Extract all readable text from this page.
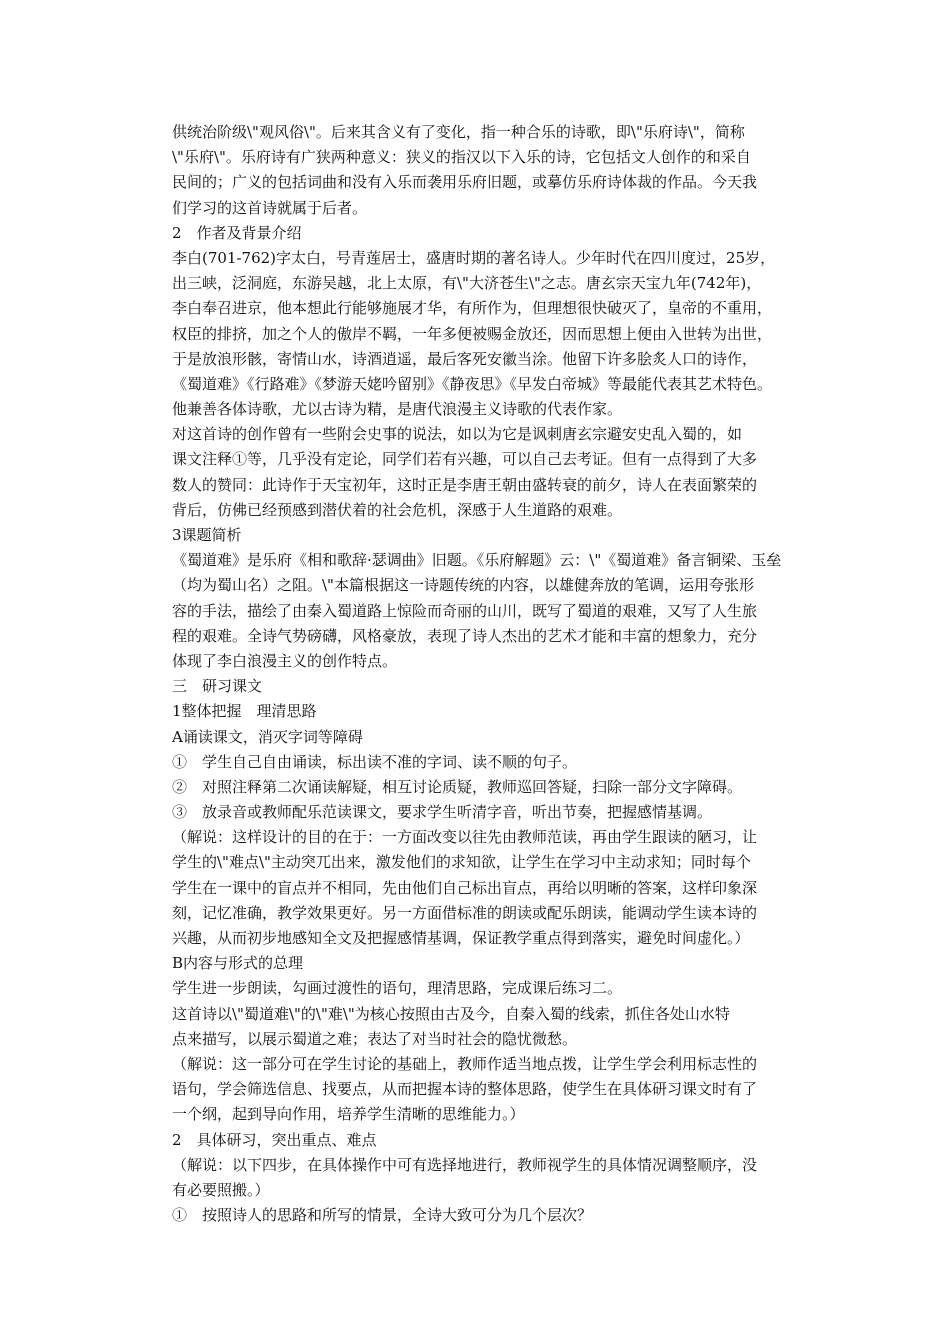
供统治阶级\"观风俗\"。后来其含义有了变化，指一种合乐的诗歌，即\"乐府诗\"，简称
\"乐府\"。乐府诗有广狭两种意义：狭义的指汉以下入乐的诗，它包括文人创作的和采自
民间的；广义的包括词曲和没有入乐而袭用乐府旧题，或摹仿乐府诗体裁的作品。今天我
们学习的这首诗就属于后者。
2　作者及背景介绍
李白(701-762)字太白，号青莲居士，盛唐时期的著名诗人。少年时代在四川度过，25岁，
出三峡，泛洞庭，东游吴越，北上太原，有\"大济苍生\"之志。唐玄宗天宝九年(742年)，
李白奉召进京，他本想此行能够施展才华，有所作为，但理想很快破灭了，皇帝的不重用，
权臣的排挤，加之个人的傲岸不羁，一年多便被赐金放还，因而思想上便由入世转为出世，
于是放浪形骸，寄情山水，诗酒逍遥，最后客死安徽当涂。他留下许多脍炙人口的诗作，
《蜀道难》《行路难》《梦游天姥吟留别》《静夜思》《早发白帝城》等最能代表其艺术特色。
他兼善各体诗歌，尤以古诗为精，是唐代浪漫主义诗歌的代表作家。
对这首诗的创作曾有一些附会史事的说法，如以为它是讽刺唐玄宗避安史乱入蜀的，如
课文注释①等，几乎没有定论，同学们若有兴趣，可以自己去考证。但有一点得到了大多
数人的赞同：此诗作于天宝初年，这时正是李唐王朝由盛转衰的前夕，诗人在表面繁荣的
背后，仿佛已经预感到潜伏着的社会危机，深感于人生道路的艰难。
3课题简析
《蜀道难》是乐府《相和歌辞·瑟调曲》旧题。《乐府解题》云：\"《蜀道难》备言铜梁、玉垒
（均为蜀山名）之阻。\"本篇根据这一诗题传统的内容，以雄健奔放的笔调，运用夸张形
容的手法，描绘了由秦入蜀道路上惊险而奇丽的山川，既写了蜀道的艰难，又写了人生旅
程的艰难。全诗气势磅礴，风格豪放，表现了诗人杰出的艺术才能和丰富的想象力，充分
体现了李白浪漫主义的创作特点。
三　研习课文
1整体把握　理清思路
A诵读课文，消灭字词等障碍
①　学生自己自由诵读，标出读不准的字词、读不顺的句子。
②　对照注释第二次诵读解疑，相互讨论质疑，教师巡回答疑，扫除一部分文字障碍。
③　放录音或教师配乐范读课文，要求学生听清字音，听出节奏，把握感情基调。
（解说：这样设计的目的在于：一方面改变以往先由教师范读，再由学生跟读的陋习，让
学生的\"难点\"主动突兀出来，激发他们的求知欲，让学生在学习中主动求知；同时每个
学生在一课中的盲点并不相同，先由他们自己标出盲点，再给以明晰的答案，这样印象深
刻，记忆准确，教学效果更好。另一方面借标准的朗读或配乐朗读，能调动学生读本诗的
兴趣，从而初步地感知全文及把握感情基调，保证教学重点得到落实，避免时间虚化。）
B内容与形式的总理
学生进一步朗读，勾画过渡性的语句，理清思路，完成课后练习二。
这首诗以\"蜀道难\"的\"难\"为核心按照由古及今，自秦入蜀的线索，抓住各处山水特
点来描写，以展示蜀道之难；表达了对当时社会的隐忧微愁。
（解说：这一部分可在学生讨论的基础上，教师作适当地点拨，让学生学会利用标志性的
语句，学会筛选信息、找要点，从而把握本诗的整体思路，使学生在具体研习课文时有了
一个纲，起到导向作用，培养学生清晰的思维能力。）
2　具体研习，突出重点、难点
（解说：以下四步，在具体操作中可有选择地进行，教师视学生的具体情况调整顺序，没
有必要照搬。）
①　按照诗人的思路和所写的情景，全诗大致可分为几个层次？
